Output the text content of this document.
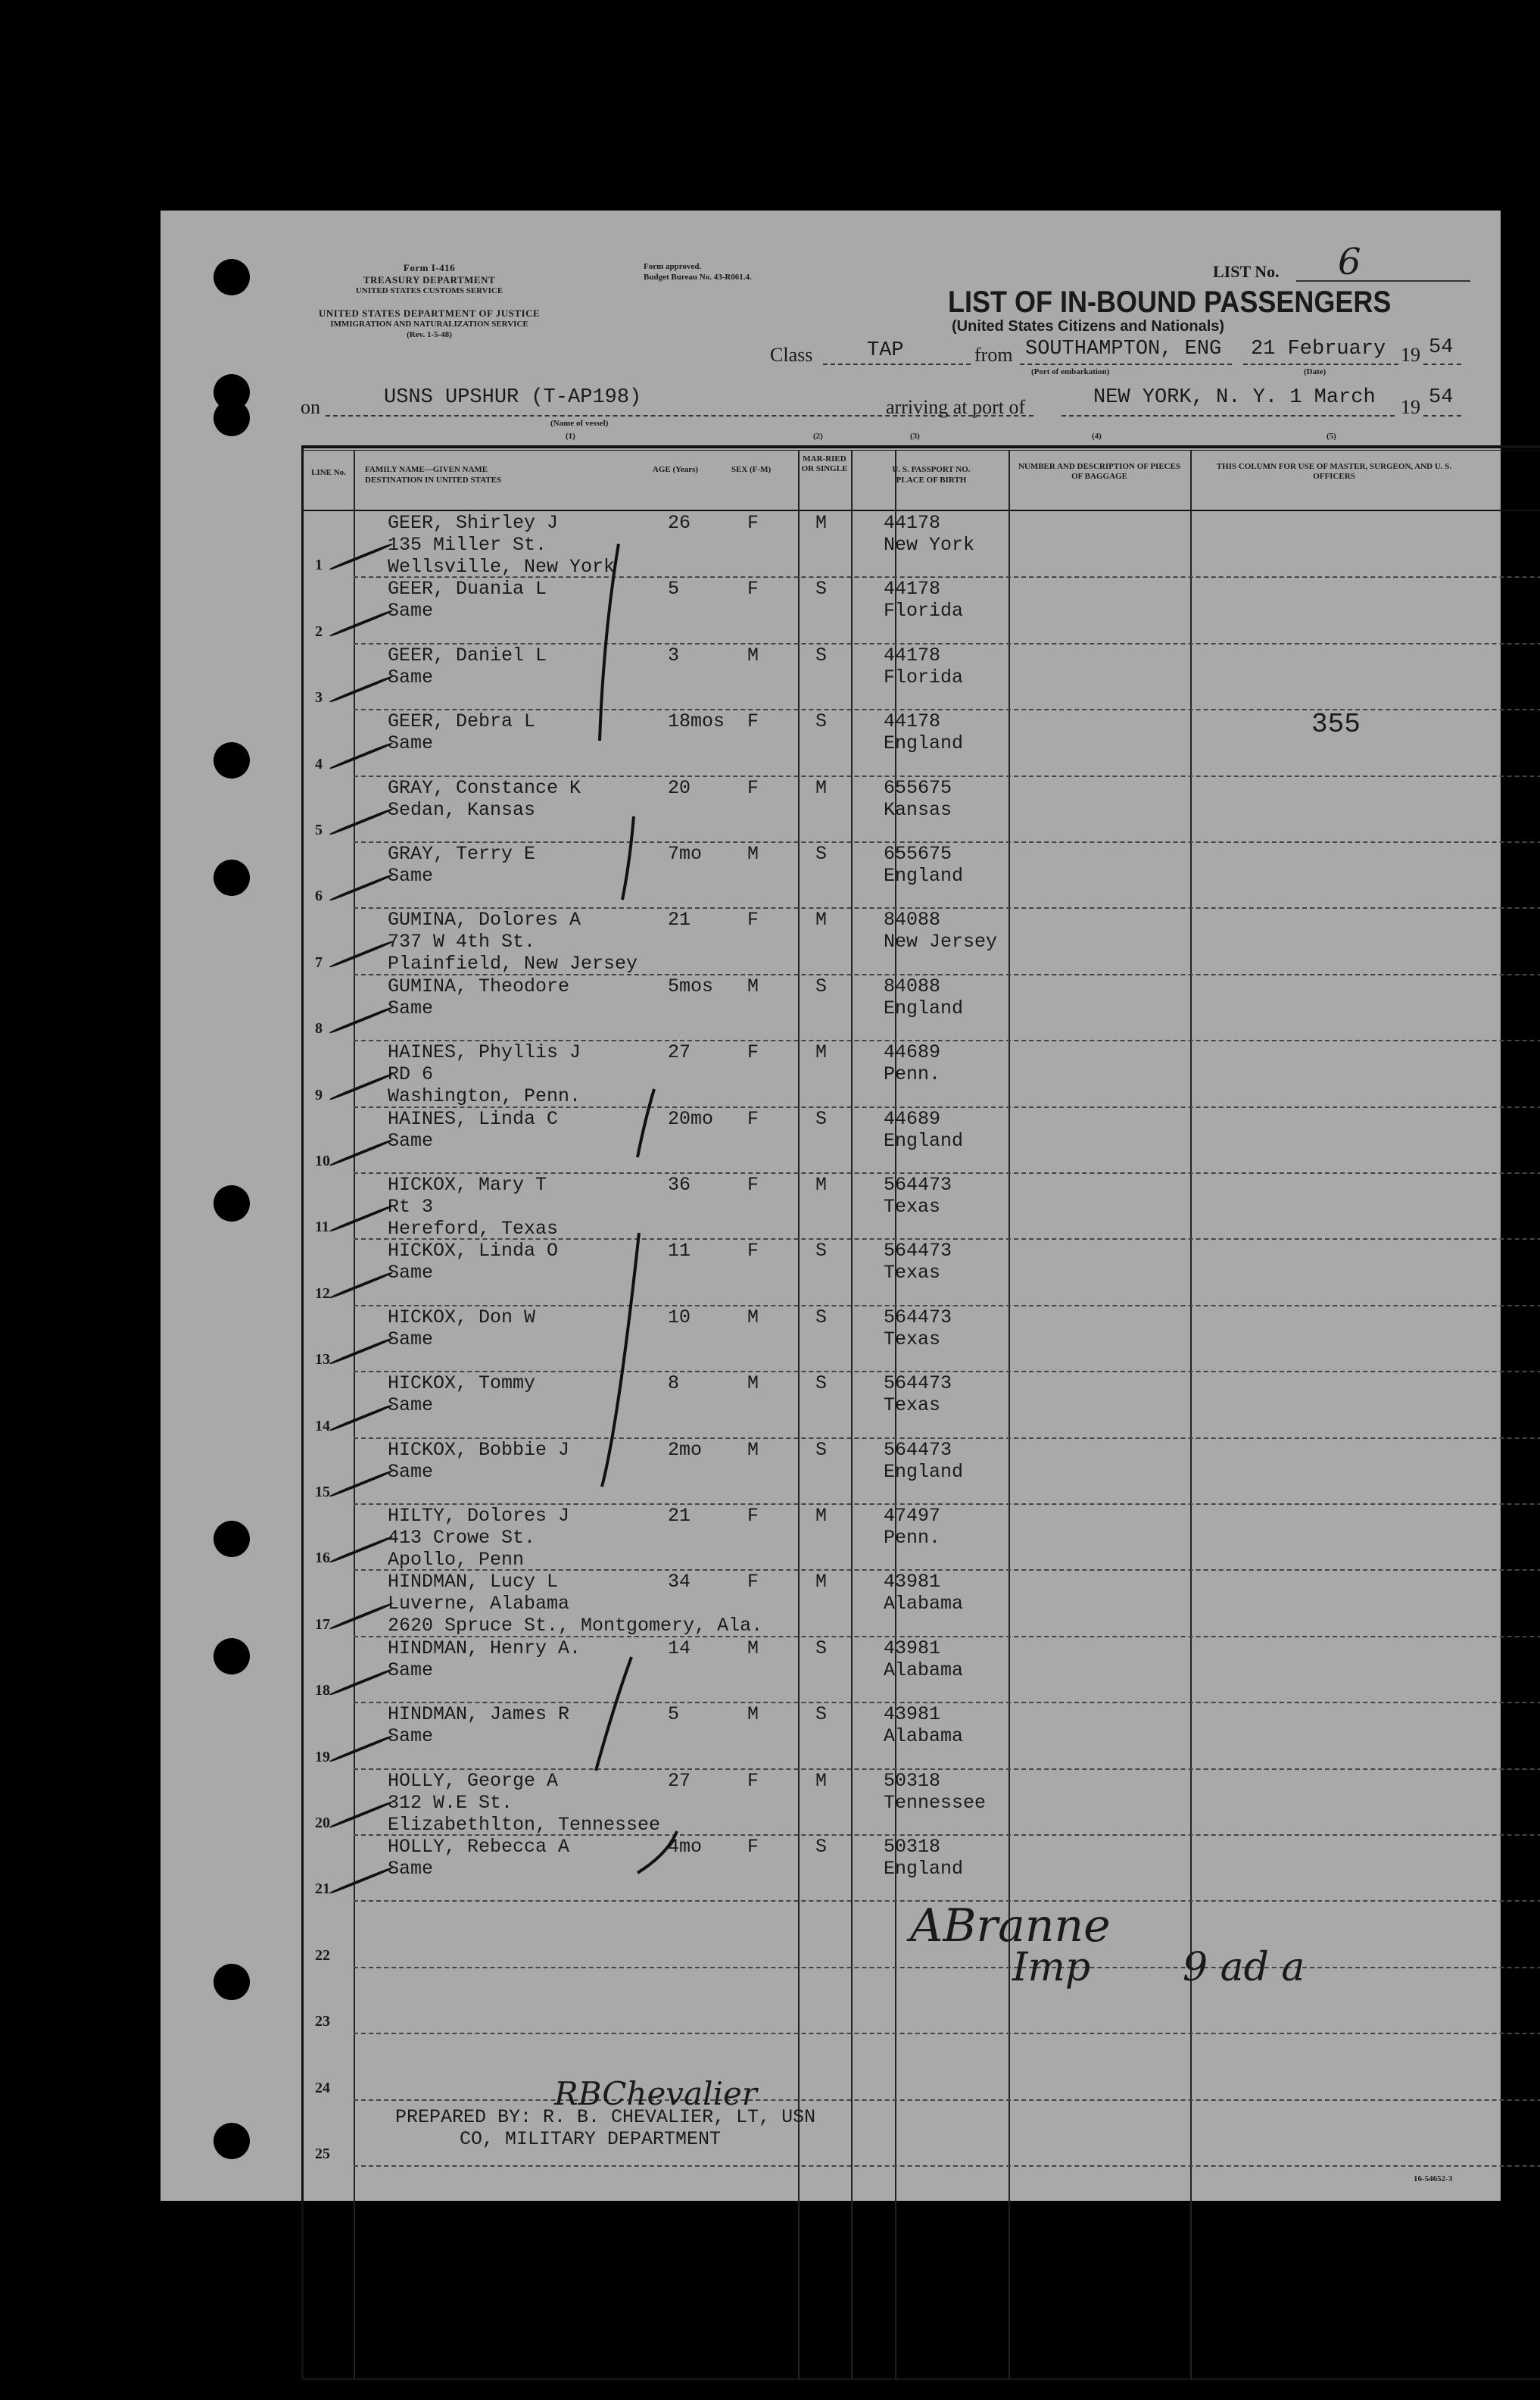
Form I-416
TREASURY DEPARTMENT
UNITED STATES CUSTOMS SERVICE
UNITED STATES DEPARTMENT OF JUSTICE
IMMIGRATION AND NATURALIZATION SERVICE
(Rev. 1-5-48)
Form approved.
Budget Bureau No. 43-R061.4.	LIST No. 6
LIST OF IN-BOUND PASSENGERS
(United States Citizens and Nationals)
Class	TAP	from SOUTHAMPTON, ENG
(Port of embarkation)
21 February
(Date)
19 54
on	USNS UPSHUR (T-AP198)
(Name of vessel)
arriving at port of	NEW YORK, N. Y. 1 March 19 54
(1)	(2)	(3)	(4)	(5)
LINE No.	FAMILY NAME—GIVEN NAME
DESTINATION IN UNITED STATES
AGE (Years)	SEX (F-M)
MAR-RIED OR SINGLE	U. S. PASSPORT NO.
PLACE OF BIRTH
NUMBER AND DESCRIPTION OF PIECES OF BAGGAGE
THIS COLUMN FOR USE OF MASTER, SURGEON, AND U. S. OFFICERS
1
GEER, Shirley J
135 Miller St.
Wellsville, New York
26	F	M	44178
New York
2
GEER, Duania L
Same
5	F	S	44178
Florida
3
GEER, Daniel L
Same
3	M	S	44178
Florida
4
GEER, Debra L
Same
18mos F	S	44178
England
5
GRAY, Constance K
Sedan, Kansas
20	F	M	655675
Kansas
6
GRAY, Terry E
Same
7mo M	S	655675
England
7
GUMINA, Dolores A
737 W 4th St.
Plainfield, New Jersey
21	F	M	84088
New Jersey
8
GUMINA, Theodore
Same
5mos M	S	84088
England
9
HAINES, Phyllis J
RD 6
Washington, Penn.
27	F	M	44689
Penn.
10
HAINES, Linda C
Same
20mo F	S	44689
England
11
HICKOX, Mary T
Rt 3
Hereford, Texas
36	F	M	564473
Texas
12
HICKOX, Linda O
Same
11	F	S	564473
Texas
13
HICKOX, Don W
Same
10	M	S	564473
Texas
14
HICKOX, Tommy
Same
8	M	S	564473
Texas
15
HICKOX, Bobbie J
Same
2mo M	S	564473
England
16
HILTY, Dolores J
413 Crowe St.
Apollo, Penn
21	F	M	47497
Penn.
17
HINDMAN, Lucy L
Luverne, Alabama
2620 Spruce St., Montgomery, Ala.
34	F	M	43981
Alabama
18
HINDMAN, Henry A.
Same
14	M	S	43981
Alabama
19
HINDMAN, James R
Same
5	M	S	43981
Alabama
20
HOLLY, George A
312 W.E St.
Elizabethlton, Tennessee
27	F	M	50318
Tennessee
21
HOLLY, Rebecca A
Same
4mo F	S	50318
England
22
23
24
25
355
ABranne
Imp 9 ad a
RBChevalier
PREPARED BY: R. B. CHEVALIER, LT, USN
CO, MILITARY DEPARTMENT
16-54652-3
